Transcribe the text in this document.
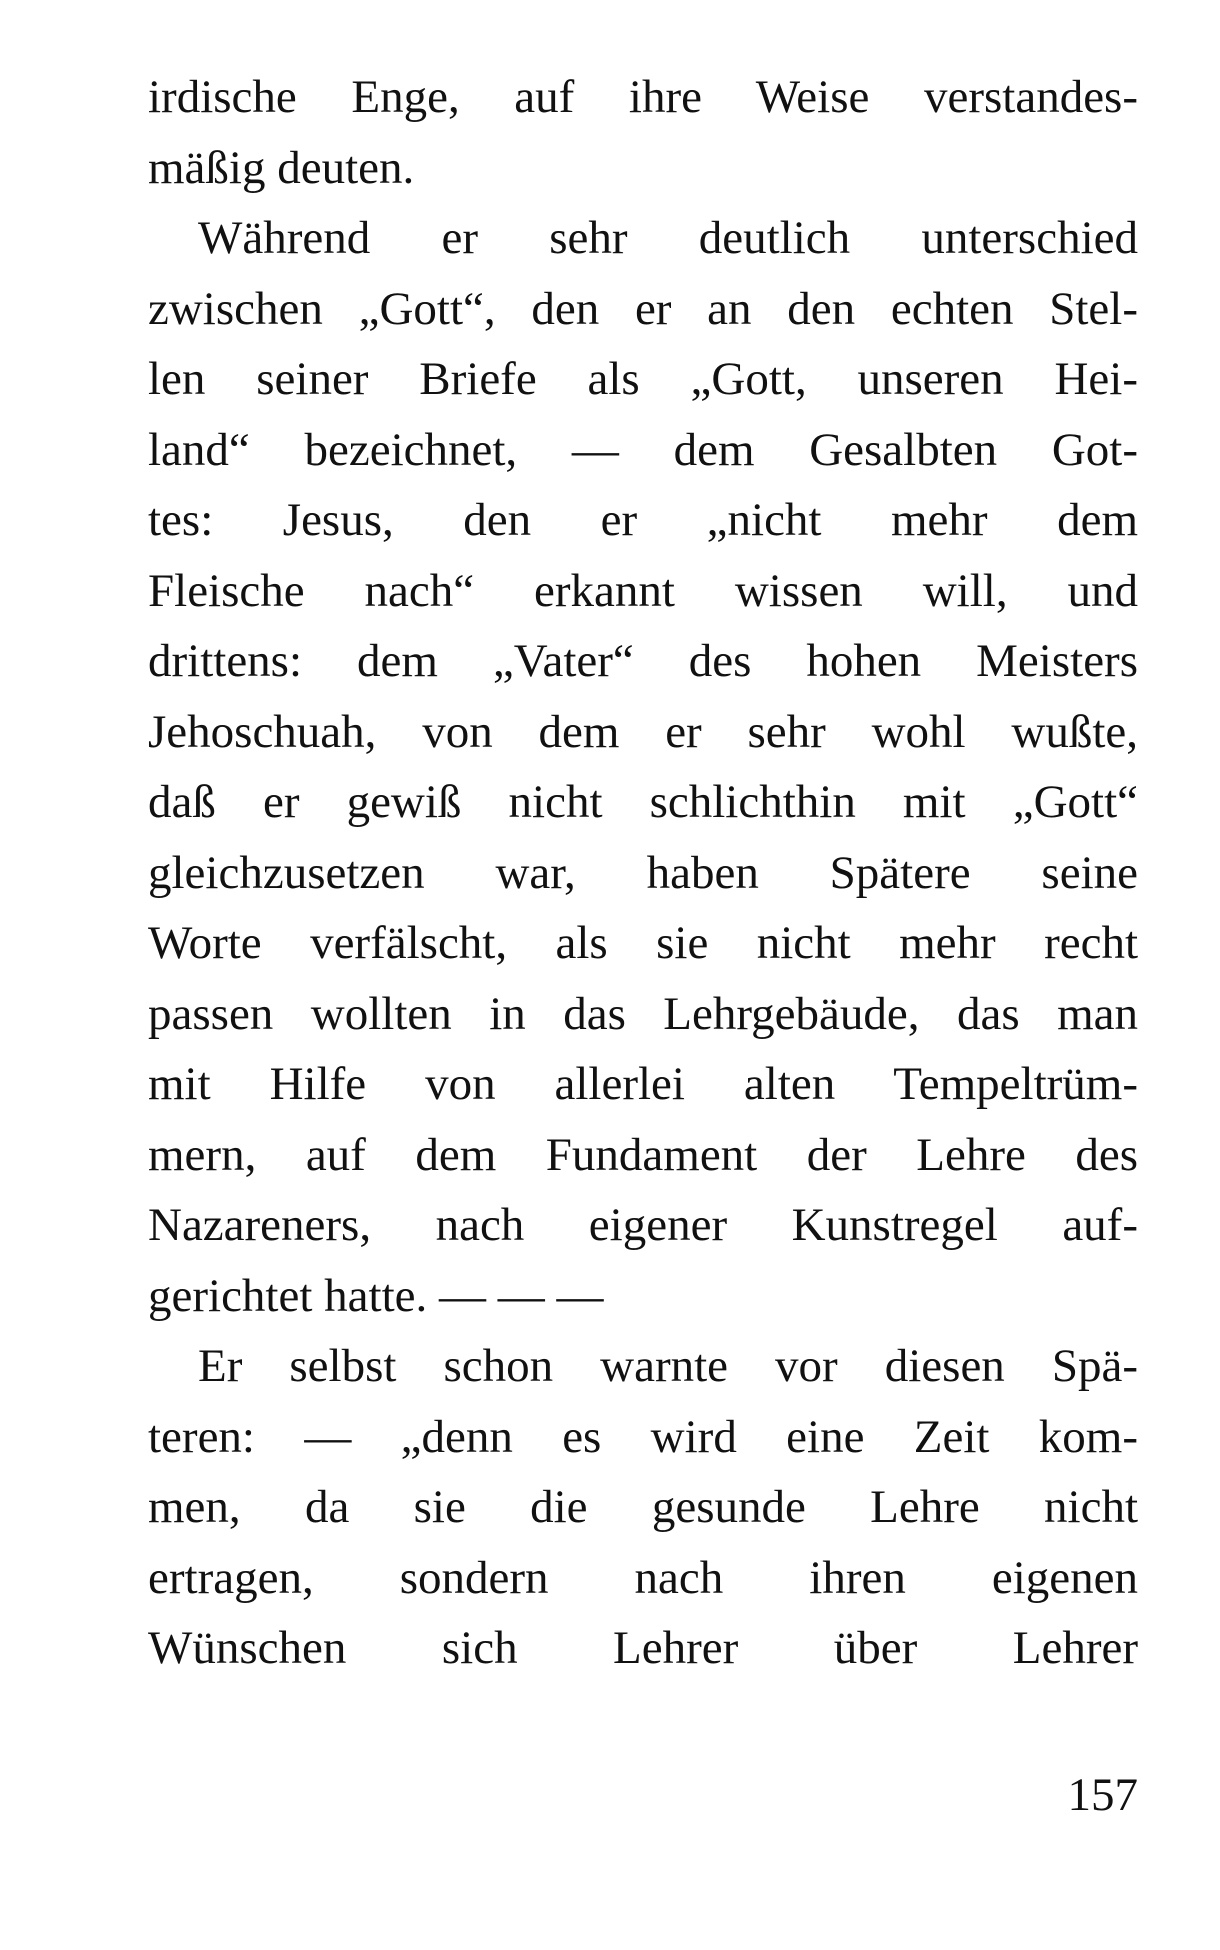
irdische Enge, auf ihre Weise verstandes-
mäßig deuten.
Während er sehr deutlich unterschied
zwischen „Gott“, den er an den echten Stel-
len seiner Briefe als „Gott, unseren Hei-
land“ bezeichnet, — dem Gesalbten Got-
tes: Jesus, den er „nicht mehr dem
Fleische nach“ erkannt wissen will, und
drittens: dem „Vater“ des hohen Meisters
Jehoschuah, von dem er sehr wohl wußte,
daß er gewiß nicht schlichthin mit „Gott“
gleichzusetzen war, haben Spätere seine
Worte verfälscht, als sie nicht mehr recht
passen wollten in das Lehrgebäude, das man
mit Hilfe von allerlei alten Tempeltrüm-
mern, auf dem Fundament der Lehre des
Nazareners, nach eigener Kunstregel auf-
gerichtet hatte. — — —
Er selbst schon warnte vor diesen Spä-
teren: — „denn es wird eine Zeit kom-
men, da sie die gesunde Lehre nicht
ertragen, sondern nach ihren eigenen
Wünschen sich Lehrer über Lehrer
157
